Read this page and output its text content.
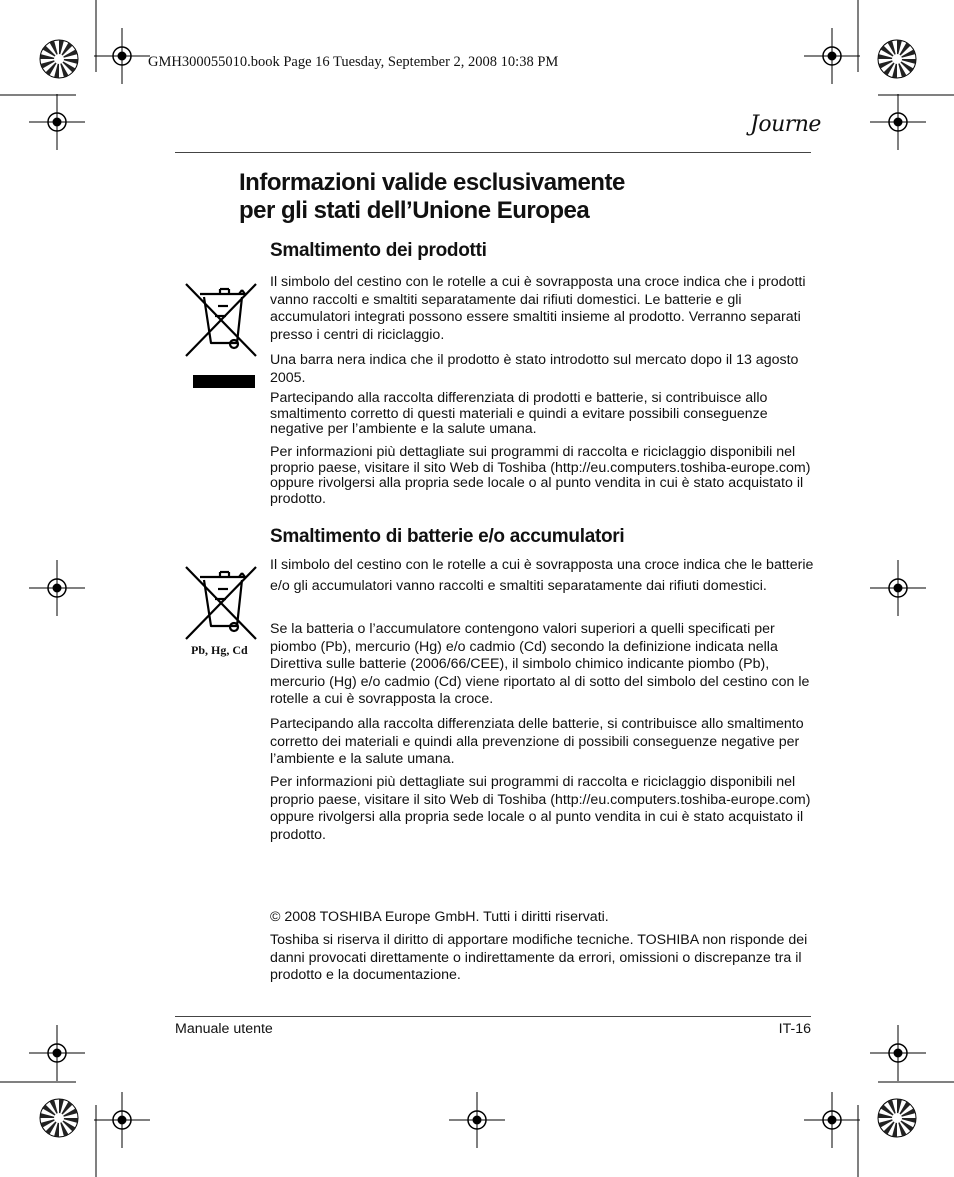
GMH300055010.book Page 16 Tuesday, September 2, 2008 10:38 PM
Journe
Informazioni valide esclusivamente
per gli stati dell’Unione Europea
Smaltimento dei prodotti

Il simbolo del cestino con le rotelle a cui è sovrapposta una croce indica che i prodotti vanno raccolti e smaltiti separatamente dai rifiuti domestici. Le batterie e gli accumulatori integrati possono essere smaltiti insieme al prodotto. Verranno separati presso i centri di riciclaggio.

Una barra nera indica che il prodotto è stato introdotto sul mercato dopo il 13 agosto 2005.

Partecipando alla raccolta differenziata di prodotti e batterie, si contribuisce allo smaltimento corretto di questi materiali e quindi a evitare possibili conseguenze negative per l’ambiente e la salute umana.

Per informazioni più dettagliate sui programmi di raccolta e riciclaggio disponibili nel proprio paese, visitare il sito Web di Toshiba (http://eu.computers.toshiba-europe.com) oppure rivolgersi alla propria sede locale o al punto vendita in cui è stato acquistato il prodotto.

Smaltimento di batterie e/o accumulatori
Pb, Hg, Cd

Il simbolo del cestino con le rotelle a cui è sovrapposta una croce indica che le batterie e/o gli accumulatori vanno raccolti e smaltiti separatamente dai rifiuti domestici.

Se la batteria o l’accumulatore contengono valori superiori a quelli specificati per piombo (Pb), mercurio (Hg) e/o cadmio (Cd) secondo la definizione indicata nella Direttiva sulle batterie (2006/66/CEE), il simbolo chimico indicante piombo (Pb), mercurio (Hg) e/o cadmio (Cd) viene riportato al di sotto del simbolo del cestino con le rotelle a cui è sovrapposta la croce.

Partecipando alla raccolta differenziata delle batterie, si contribuisce allo smaltimento corretto dei materiali e quindi alla prevenzione di possibili conseguenze negative per l’ambiente e la salute umana.

Per informazioni più dettagliate sui programmi di raccolta e riciclaggio disponibili nel proprio paese, visitare il sito Web di Toshiba (http://eu.computers.toshiba-europe.com) oppure rivolgersi alla propria sede locale o al punto vendita in cui è stato acquistato il prodotto.

© 2008 TOSHIBA Europe GmbH. Tutti i diritti riservati.

Toshiba si riserva il diritto di apportare modifiche tecniche. TOSHIBA non risponde dei danni provocati direttamente o indirettamente da errori, omissioni o discrepanze tra il prodotto e la documentazione.

Manuale utente	IT-16
